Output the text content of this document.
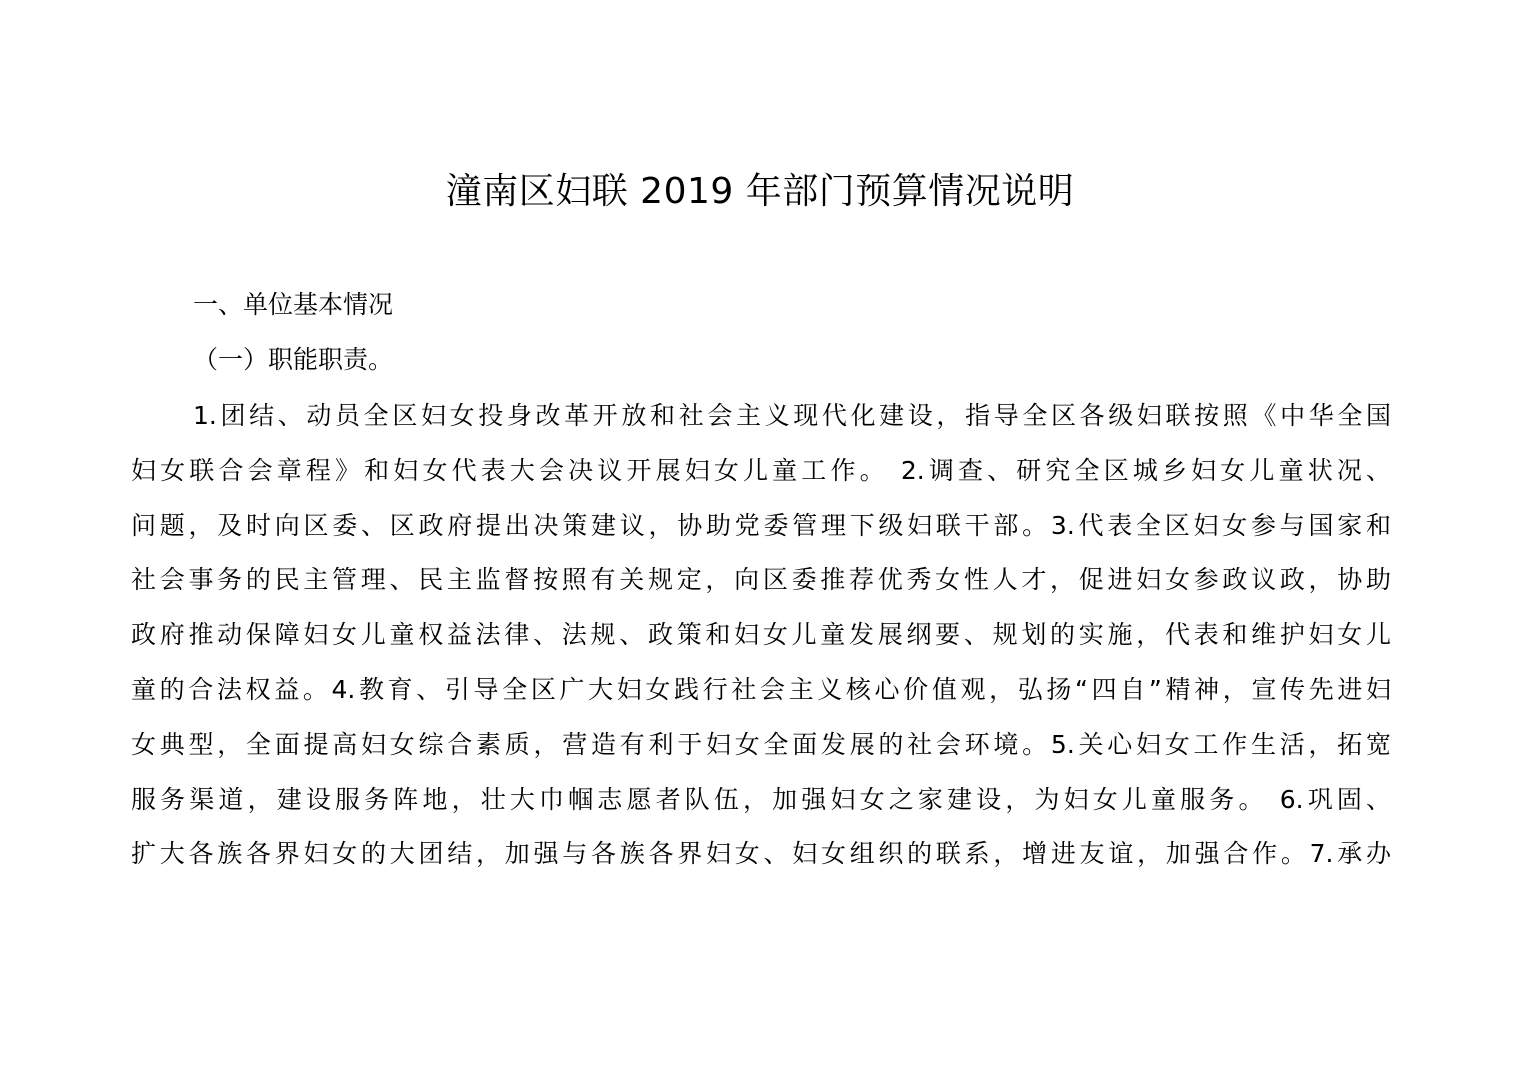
潼南区妇联 2019 年部门预算情况说明
一、单位基本情况
（一）职能职责。
1.团结、动员全区妇女投身改革开放和社会主义现代化建设，指导全区各级妇联按照《中华全国
妇女联合会章程》和妇女代表大会决议开展妇女儿童工作。 2.调查、研究全区城乡妇女儿童状况、
问题，及时向区委、区政府提出决策建议，协助党委管理下级妇联干部。3.代表全区妇女参与国家和
社会事务的民主管理、民主监督按照有关规定，向区委推荐优秀女性人才，促进妇女参政议政，协助
政府推动保障妇女儿童权益法律、法规、政策和妇女儿童发展纲要、规划的实施，代表和维护妇女儿
童的合法权益。4.教育、引导全区广大妇女践行社会主义核心价值观，弘扬“四自”精神，宣传先进妇
女典型，全面提高妇女综合素质，营造有利于妇女全面发展的社会环境。5.关心妇女工作生活，拓宽
服务渠道，建设服务阵地，壮大巾帼志愿者队伍，加强妇女之家建设，为妇女儿童服务。 6.巩固、
扩大各族各界妇女的大团结，加强与各族各界妇女、妇女组织的联系，增进友谊，加强合作。7.承办
